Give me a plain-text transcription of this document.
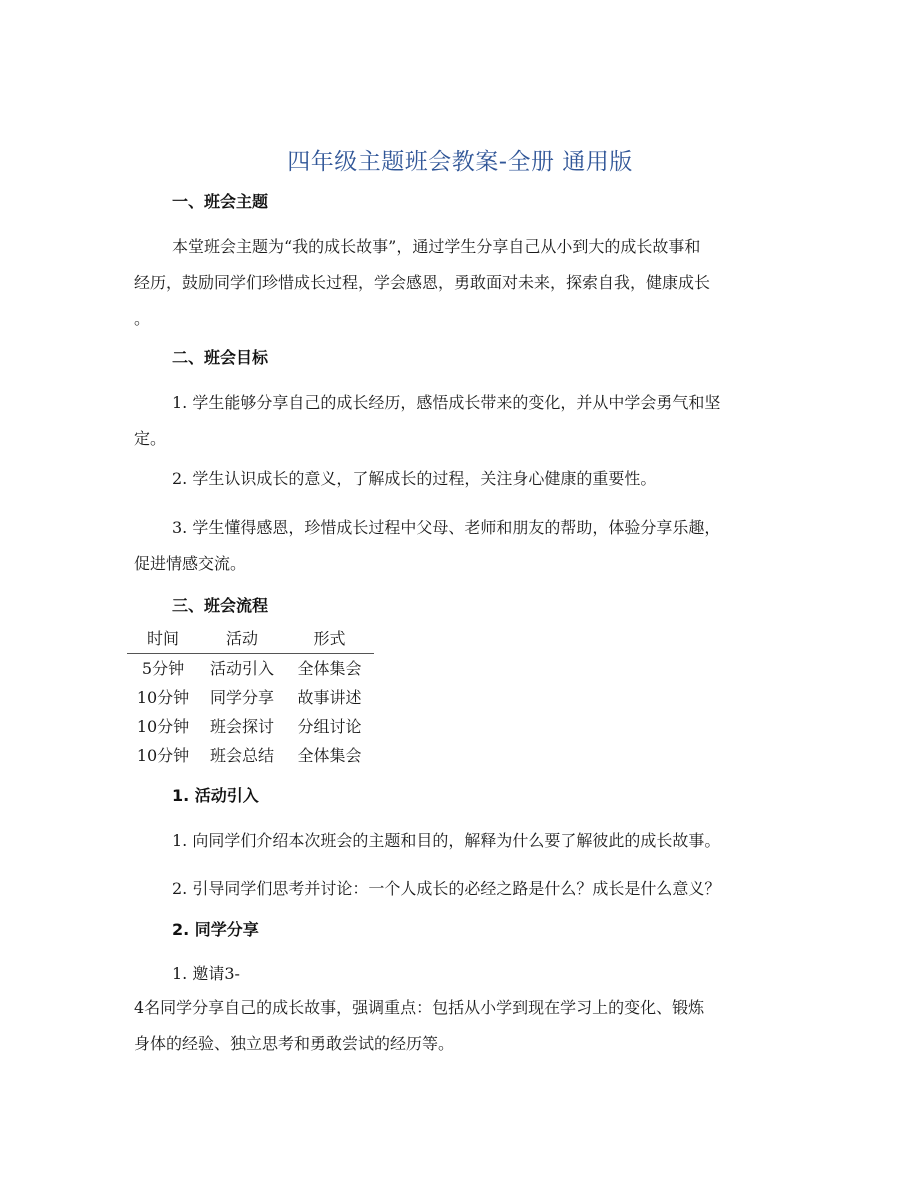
四年级主题班会教案-全册 通用版
一、班会主题
本堂班会主题为“我的成长故事”，通过学生分享自己从小到大的成长故事和
经历，鼓励同学们珍惜成长过程，学会感恩，勇敢面对未来，探索自我，健康成长
。
二、班会目标
1. 学生能够分享自己的成长经历，感悟成长带来的变化，并从中学会勇气和坚
定。
2. 学生认识成长的意义，了解成长的过程，关注身心健康的重要性。
3. 学生懂得感恩，珍惜成长过程中父母、老师和朋友的帮助，体验分享乐趣，
促进情感交流。
三、班会流程
时间	活动	形式
5分钟	活动引入	全体集会
10分钟	同学分享	故事讲述
10分钟	班会探讨	分组讨论
10分钟	班会总结	全体集会
1. 活动引入
1. 向同学们介绍本次班会的主题和目的，解释为什么要了解彼此的成长故事。
2. 引导同学们思考并讨论：一个人成长的必经之路是什么？成长是什么意义？
2. 同学分享
1. 邀请3-
4名同学分享自己的成长故事，强调重点：包括从小学到现在学习上的变化、锻炼
身体的经验、独立思考和勇敢尝试的经历等。
